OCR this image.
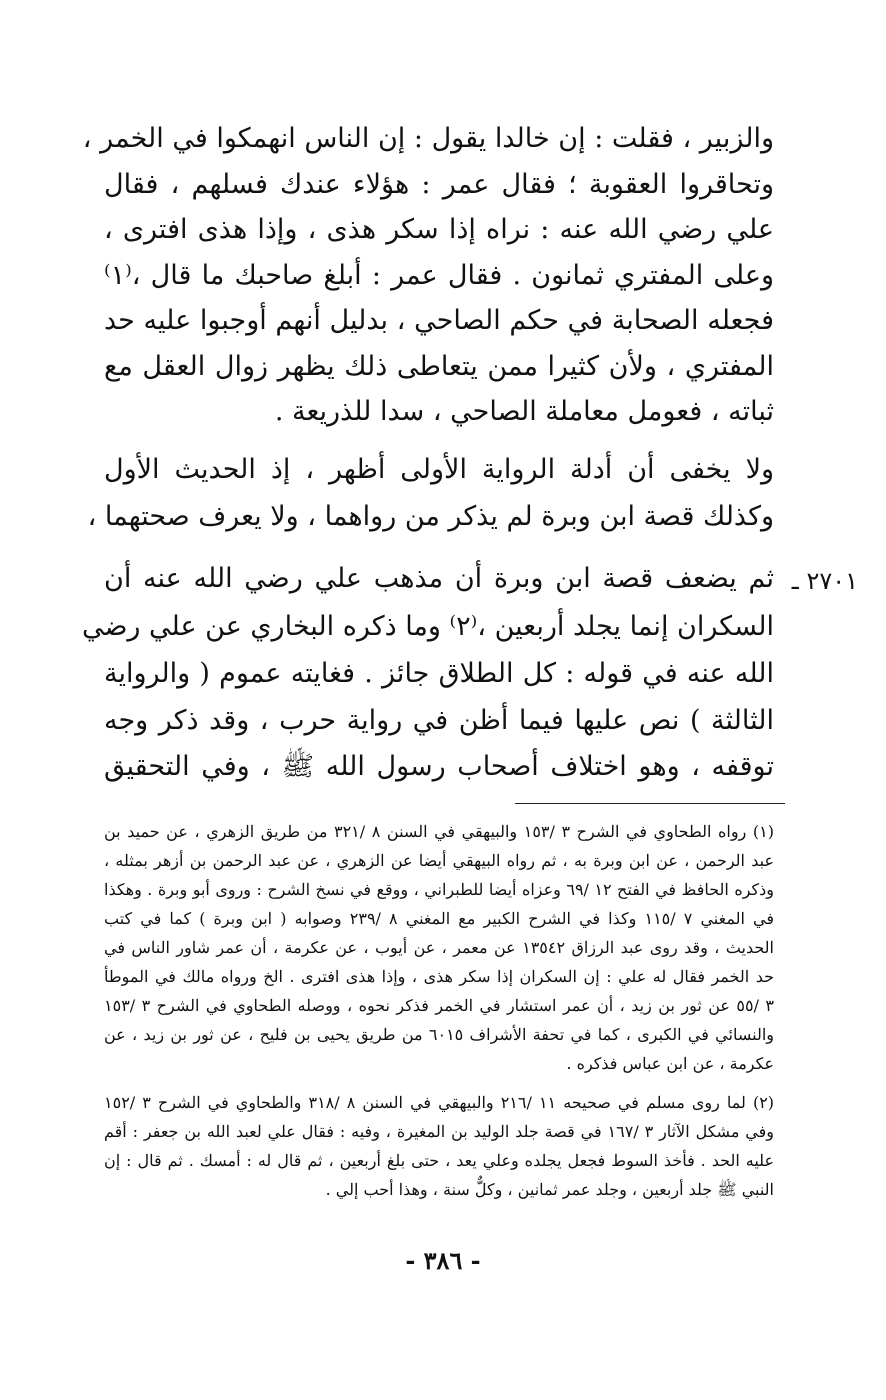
والزبير ، فقلت : إن خالدا يقول : إن الناس انهمكوا في الخمر ،
وتحاقروا العقوبة ؛ فقال عمر : هؤلاء عندك فسلهم ، فقال
علي رضي الله عنه : نراه إذا سكر هذى ، وإذا هذى افترى ،
وعلى المفتري ثمانون . فقال عمر : أبلغ صاحبك ما قال ،⁽١⁾
فجعله الصحابة في حكم الصاحي ، بدليل أنهم أوجبوا عليه حد
المفتري ، ولأن كثيرا ممن يتعاطى ذلك يظهر زوال العقل مع
ثباته ، فعومل معاملة الصاحي ، سدا للذريعة .
ولا يخفى أن أدلة الرواية الأولى أظهر ، إذ الحديث الأول
وكذلك قصة ابن وبرة لم يذكر من رواهما ، ولا يعرف صحتهما ،
٢٧٠١ ـ
ثم يضعف قصة ابن وبرة أن مذهب علي رضي الله عنه أن
السكران إنما يجلد أربعين ،⁽٢⁾ وما ذكره البخاري عن علي رضي
الله عنه في قوله : كل الطلاق جائز . فغايته عموم ( والرواية
الثالثة ) نص عليها فيما أظن في رواية حرب ، وقد ذكر وجه
توقفه ، وهو اختلاف أصحاب رسول الله ﷺ ، وفي التحقيق
(١) رواه الطحاوي في الشرح ٣ /١٥٣ والبيهقي في السنن ٨ /٣٢١ من طريق الزهري ، عن حميد بن
عبد الرحمن ، عن ابن وبرة به ، ثم رواه البيهقي أيضا عن الزهري ، عن عبد الرحمن بن أزهر بمثله ،
وذكره الحافظ في الفتح ١٢ /٦٩ وعزاه أيضا للطبراني ، ووقع في نسخ الشرح : وروى أبو وبرة . وهكذا
في المغني ٧ /١١٥ وكذا في الشرح الكبير مع المغني ٨ /٢٣٩ وصوابه ( ابن وبرة ) كما في كتب
الحديث ، وقد روى عبد الرزاق ١٣٥٤٢ عن معمر ، عن أيوب ، عن عكرمة ، أن عمر شاور الناس في
حد الخمر فقال له علي : إن السكران إذا سكر هذى ، وإذا هذى افترى . الخ ورواه مالك في الموطأ
٣ /٥٥ عن ثور بن زيد ، أن عمر استشار في الخمر فذكر نحوه ، ووصله الطحاوي في الشرح ٣ /١٥٣
والنسائي في الكبرى ، كما في تحفة الأشراف ٦٠١٥ من طريق يحيى بن فليح ، عن ثور بن زيد ، عن
عكرمة ، عن ابن عباس فذكره .
(٢) لما روى مسلم في صحيحه ١١ /٢١٦ والبيهقي في السنن ٨ /٣١٨ والطحاوي في الشرح ٣ /١٥٢
وفي مشكل الآثار ٣ /١٦٧ في قصة جلد الوليد بن المغيرة ، وفيه : فقال علي لعبد الله بن جعفر : أقم
عليه الحد . فأخذ السوط فجعل يجلده وعلي يعد ، حتى بلغ أربعين ، ثم قال له : أمسك . ثم قال : إن
النبي ﷺ جلد أربعين ، وجلد عمر ثمانين ، وكلٌّ سنة ، وهذا أحب إلي .
- ٣٨٦ -
